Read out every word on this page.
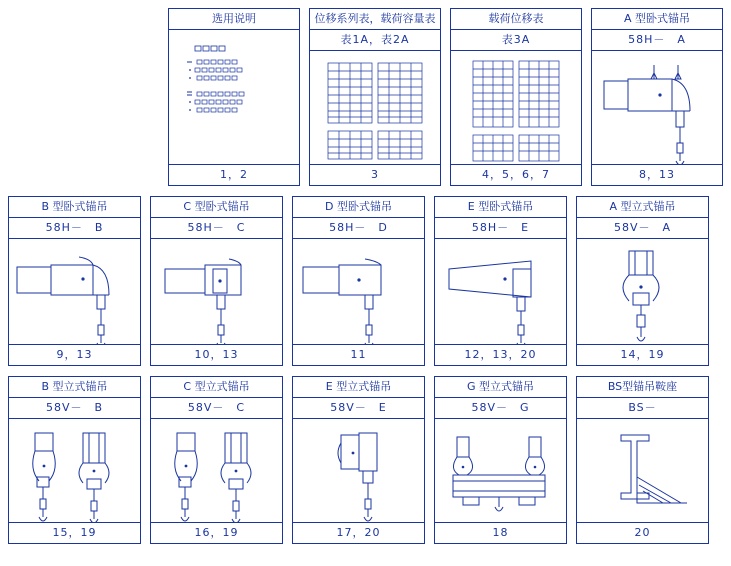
选用说明
1，2
位移系列表，载荷容量表
表1A，表2A
3
载荷位移表
表3A
4，5，6，7
A 型卧式锚吊
58H－　A
8，13
B 型卧式锚吊
58H－　B
9，13
C 型卧式锚吊
58H－　C
10，13
D 型卧式锚吊
58H－　D
11
E 型卧式锚吊
58H－　E
12，13，20
A 型立式锚吊
58V－　A
14，19
B 型立式锚吊
58V－　B
15，19
C 型立式锚吊
58V－　C
16，19
E 型立式锚吊
58V－　E
17，20
G 型立式锚吊
58V－　G
18
BS型锚吊鞍座
BS－
20
